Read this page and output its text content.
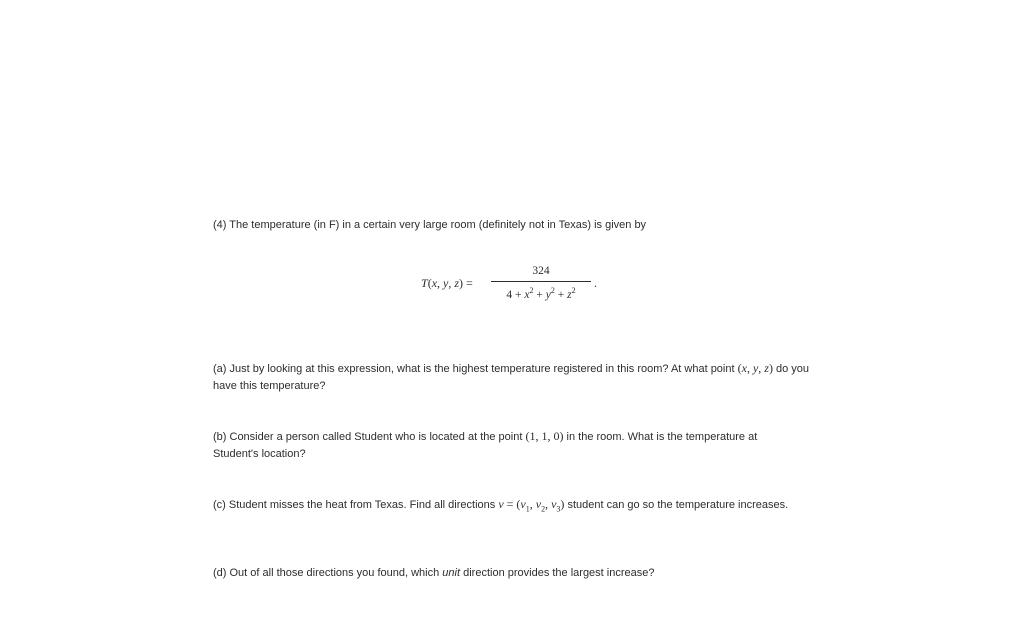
(4) The temperature (in F) in a certain very large room (definitely not in Texas) is given by

T(x, y, z) =
324
$4 + x^2 + y^2 + z^2$
.

(a) Just by looking at this expression, what is the highest temperature registered in this room? At what point (x, y, z) do you have this temperature?

(b) Consider a person called Student who is located at the point (1, 1, 0) in the room. What is the temperature at Student's location?

(c) Student misses the heat from Texas. Find all directions $v = (v_1$, $v_2$, $v_3$) student can go so the temperature increases.

(d) Out of all those directions you found, which unit direction provides the largest increase?
